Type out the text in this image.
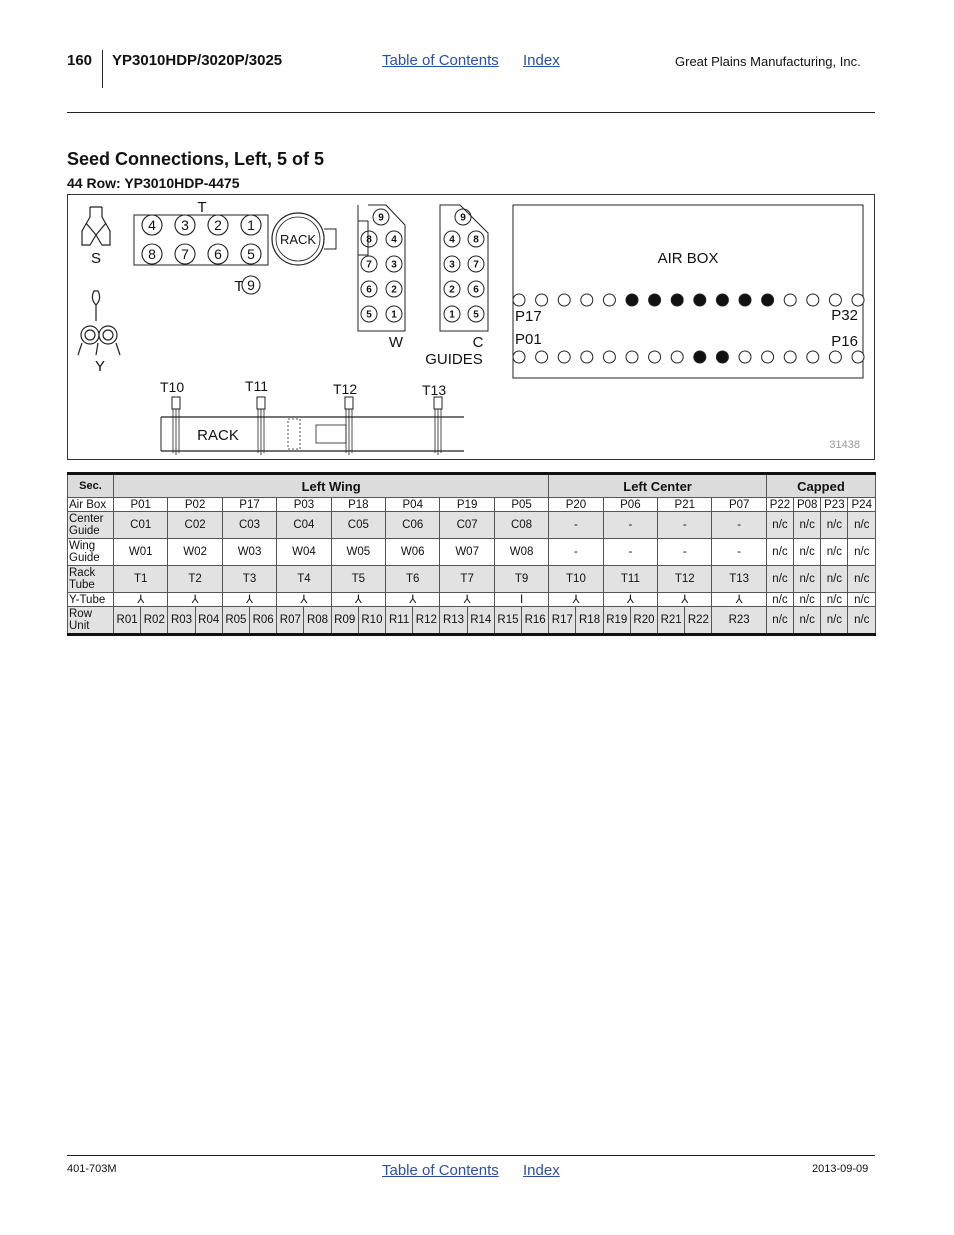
160 YP3010HDP/3020P/3025	Table of Contents Index	Great Plains Manufacturing, Inc.
Seed Connections, Left, 5 of 5
44 Row: YP3010HDP-4475
S
Y
T
4 3 2 1
8 7 6 5
RACK
T 9
9
8 4
7 3
6 2
5 1
9
4 8
3 7
2 6
1 5
W	C
GUIDES
AIR BOX
P17	P32
P01	P16
RACK
T10	T11	T12	T13
31438
Sec.	Left Wing																Left Center							Capped			
Air Box	P01		P02		P17		P03		P18		P04		P19		P05		P20		P06		P21		P07	P22	P08	P23	P24
Center Guide	C01		C02		C03		C04		C05		C06		C07		C08		-		-		-		-	n/c	n/c	n/c	n/c
Wing Guide	W01		W02		W03		W04		W05		W06		W07		W08		-		-		-		-	n/c	n/c	n/c	n/c
Rack Tube	T1		T2		T3		T4		T5		T6		T7		T9		T10		T11		T12		T13	n/c	n/c	n/c	n/c
Y-Tube	⅄		⅄		⅄		⅄		⅄		⅄		⅄		I		⅄		⅄		⅄		⅄	n/c	n/c	n/c	n/c
Row Unit	R01	R02	R03	R04	R05	R06	R07	R08	R09	R10	R11	R12	R13	R14	R15	R16	R17	R18	R19	R20	R21	R22	R23	n/c	n/c	n/c	n/c
401-703M	Table of Contents Index	2013-09-09
